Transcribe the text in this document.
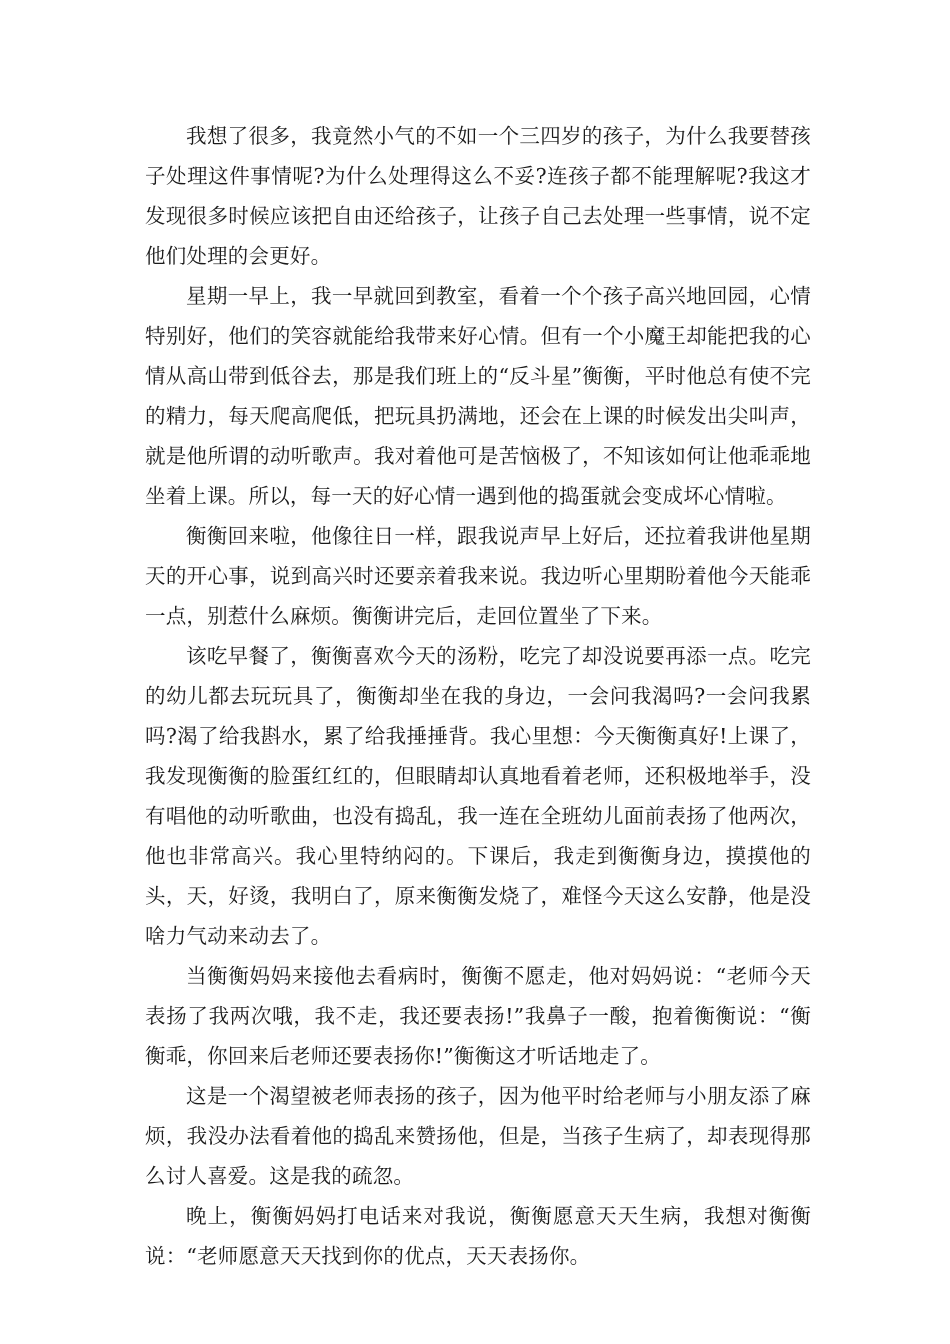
我想了很多，我竟然小气的不如一个三四岁的孩子，为什么我要替孩子处理这件事情呢?为什么处理得这么不妥?连孩子都不能理解呢?我这才发现很多时候应该把自由还给孩子，让孩子自己去处理一些事情，说不定他们处理的会更好。

星期一早上，我一早就回到教室，看着一个个孩子高兴地回园，心情特别好，他们的笑容就能给我带来好心情。但有一个小魔王却能把我的心情从高山带到低谷去，那是我们班上的“反斗星”衡衡，平时他总有使不完的精力，每天爬高爬低，把玩具扔满地，还会在上课的时候发出尖叫声，就是他所谓的动听歌声。我对着他可是苦恼极了，不知该如何让他乖乖地坐着上课。所以，每一天的好心情一遇到他的捣蛋就会变成坏心情啦。

衡衡回来啦，他像往日一样，跟我说声早上好后，还拉着我讲他星期天的开心事，说到高兴时还要亲着我来说。我边听心里期盼着他今天能乖一点，别惹什么麻烦。衡衡讲完后，走回位置坐了下来。

该吃早餐了，衡衡喜欢今天的汤粉，吃完了却没说要再添一点。吃完的幼儿都去玩玩具了，衡衡却坐在我的身边，一会问我渴吗?一会问我累吗?渴了给我斟水，累了给我捶捶背。我心里想：今天衡衡真好!上课了，我发现衡衡的脸蛋红红的，但眼睛却认真地看着老师，还积极地举手，没有唱他的动听歌曲，也没有捣乱，我一连在全班幼儿面前表扬了他两次，他也非常高兴。我心里特纳闷的。下课后，我走到衡衡身边，摸摸他的头，天，好烫，我明白了，原来衡衡发烧了，难怪今天这么安静，他是没啥力气动来动去了。

当衡衡妈妈来接他去看病时，衡衡不愿走，他对妈妈说：“老师今天表扬了我两次哦，我不走，我还要表扬!”我鼻子一酸，抱着衡衡说：“衡衡乖，你回来后老师还要表扬你!”衡衡这才听话地走了。

这是一个渴望被老师表扬的孩子，因为他平时给老师与小朋友添了麻烦，我没办法看着他的捣乱来赞扬他，但是，当孩子生病了，却表现得那么讨人喜爱。这是我的疏忽。

晚上，衡衡妈妈打电话来对我说，衡衡愿意天天生病，我想对衡衡说：“老师愿意天天找到你的优点，天天表扬你。
